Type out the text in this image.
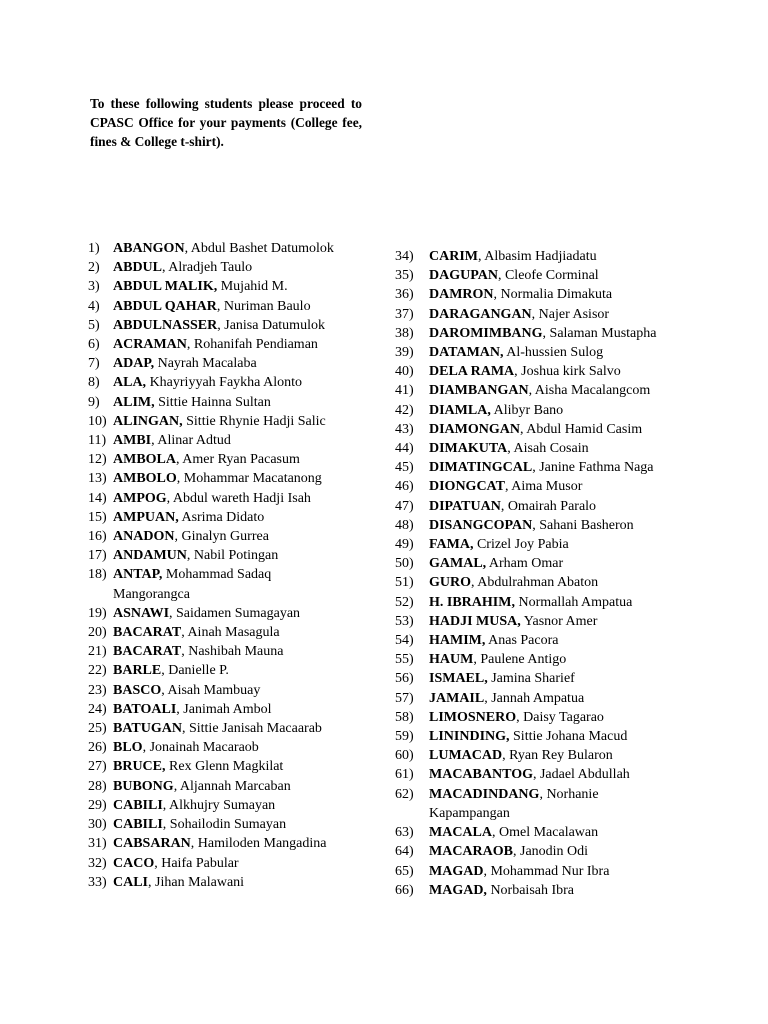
To these following students please proceed to CPASC Office for your payments (College fee, fines & College t-shirt).

1) ABANGON, Abdul Bashet Datumolok
2) ABDUL, Alradjeh Taulo
3) ABDUL MALIK, Mujahid M.
4) ABDUL QAHAR, Nuriman Baulo
5) ABDULNASSER, Janisa Datumulok
6) ACRAMAN, Rohanifah Pendiaman
7) ADAP, Nayrah Macalaba
8) ALA, Khayriyyah Faykha Alonto
9) ALIM, Sittie Hainna Sultan
10) ALINGAN, Sittie Rhynie Hadji Salic
11) AMBI, Alinar Adtud
12) AMBOLA, Amer Ryan Pacasum
13) AMBOLO, Mohammar Macatanong
14) AMPOG, Abdul wareth Hadji Isah
15) AMPUAN, Asrima Didato
16) ANADON, Ginalyn Gurrea
17) ANDAMUN, Nabil Potingan
18) ANTAP, Mohammad Sadaq
Mangorangca
19) ASNAWI, Saidamen Sumagayan
20) BACARAT, Ainah Masagula
21) BACARAT, Nashibah Mauna
22) BARLE, Danielle P.
23) BASCO, Aisah Mambuay
24) BATOALI, Janimah Ambol
25) BATUGAN, Sittie Janisah Macaarab
26) BLO, Jonainah Macaraob
27) BRUCE, Rex Glenn Magkilat
28) BUBONG, Aljannah Marcaban
29) CABILI, Alkhujry Sumayan
30) CABILI, Sohailodin Sumayan
31) CABSARAN, Hamiloden Mangadina
32) CACO, Haifa Pabular
33) CALI, Jihan Malawani
34) CARIM, Albasim Hadjiadatu
35) DAGUPAN, Cleofe Corminal
36) DAMRON, Normalia Dimakuta
37) DARAGANGAN, Najer Asisor
38) DAROMIMBANG, Salaman Mustapha
39) DATAMAN, Al-hussien Sulog
40) DELA RAMA, Joshua kirk Salvo
41) DIAMBANGAN, Aisha Macalangcom
42) DIAMLA, Alibyr Bano
43) DIAMONGAN, Abdul Hamid Casim
44) DIMAKUTA, Aisah Cosain
45) DIMATINGCAL, Janine Fathma Naga
46) DIONGCAT, Aima Musor
47) DIPATUAN, Omairah Paralo
48) DISANGCOPAN, Sahani Basheron
49) FAMA, Crizel Joy Pabia
50) GAMAL, Arham Omar
51) GURO, Abdulrahman Abaton
52) H. IBRAHIM, Normallah Ampatua
53) HADJI MUSA, Yasnor Amer
54) HAMIM, Anas Pacora
55) HAUM, Paulene Antigo
56) ISMAEL, Jamina Sharief
57) JAMAIL, Jannah Ampatua
58) LIMOSNERO, Daisy Tagarao
59) LININDING, Sittie Johana Macud
60) LUMACAD, Ryan Rey Bularon
61) MACABANTOG, Jadael Abdullah
62) MACADINDANG, Norhanie
Kapampangan
63) MACALA, Omel Macalawan
64) MACARAOB, Janodin Odi
65) MAGAD, Mohammad Nur Ibra
66) MAGAD, Norbaisah Ibra
